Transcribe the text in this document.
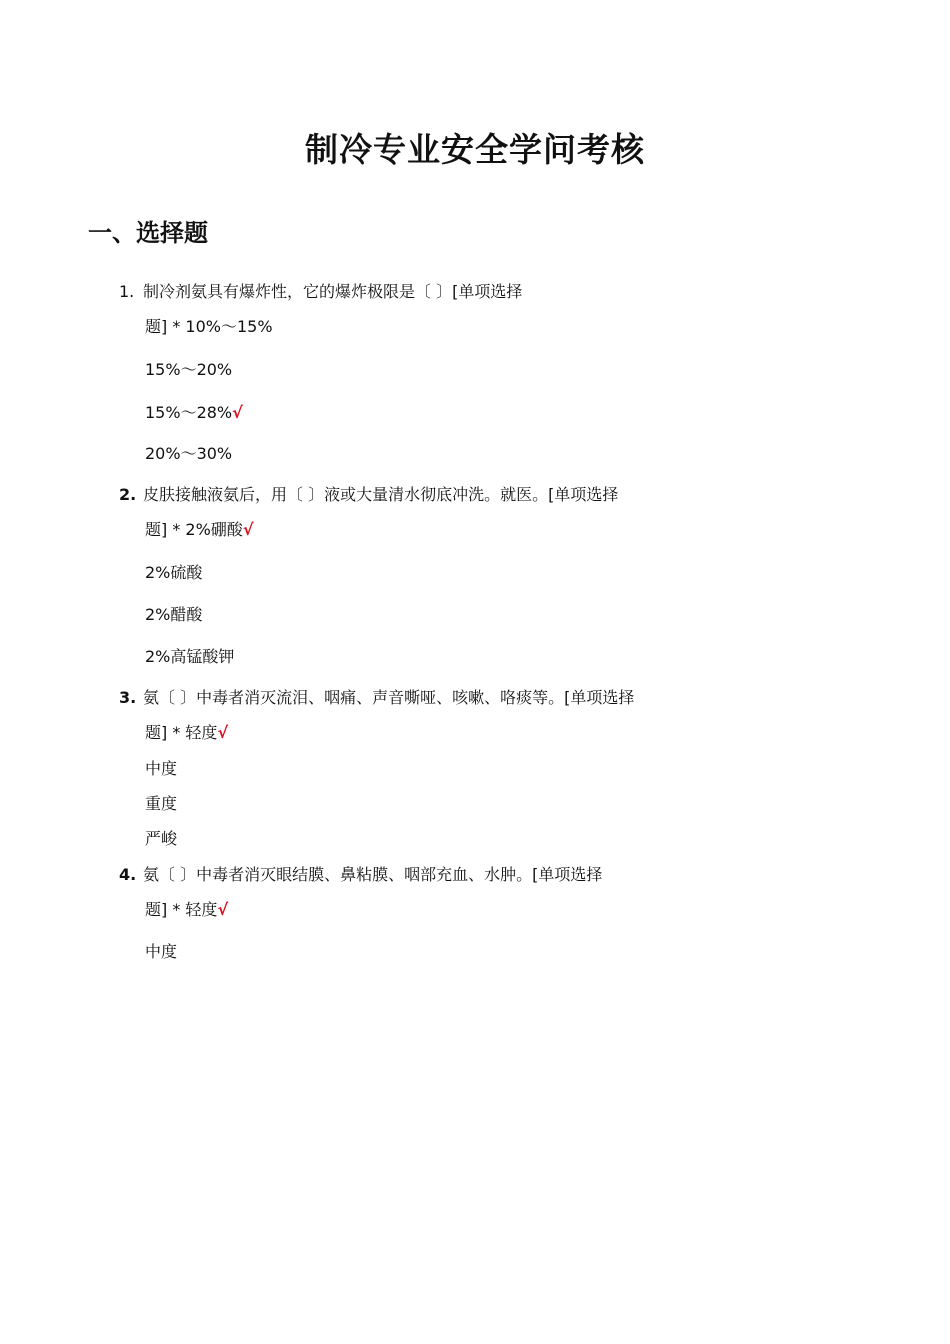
制冷专业安全学问考核
一、选择题
1. 制冷剂氨具有爆炸性，它的爆炸极限是〔 〕[单项选择
题] * 10%～15%
15%～20%
15%～28%√
20%～30%
2. 皮肤接触液氨后，用〔 〕液或大量清水彻底冲洗。就医。[单项选择
题] * 2%硼酸√
2%硫酸
2%醋酸
2%高锰酸钾
3. 氨〔 〕中毒者消灭流泪、咽痛、声音嘶哑、咳嗽、咯痰等。[单项选择
题] * 轻度√
中度
重度
严峻
4. 氨〔 〕中毒者消灭眼结膜、鼻粘膜、咽部充血、水肿。[单项选择
题] * 轻度√
中度
